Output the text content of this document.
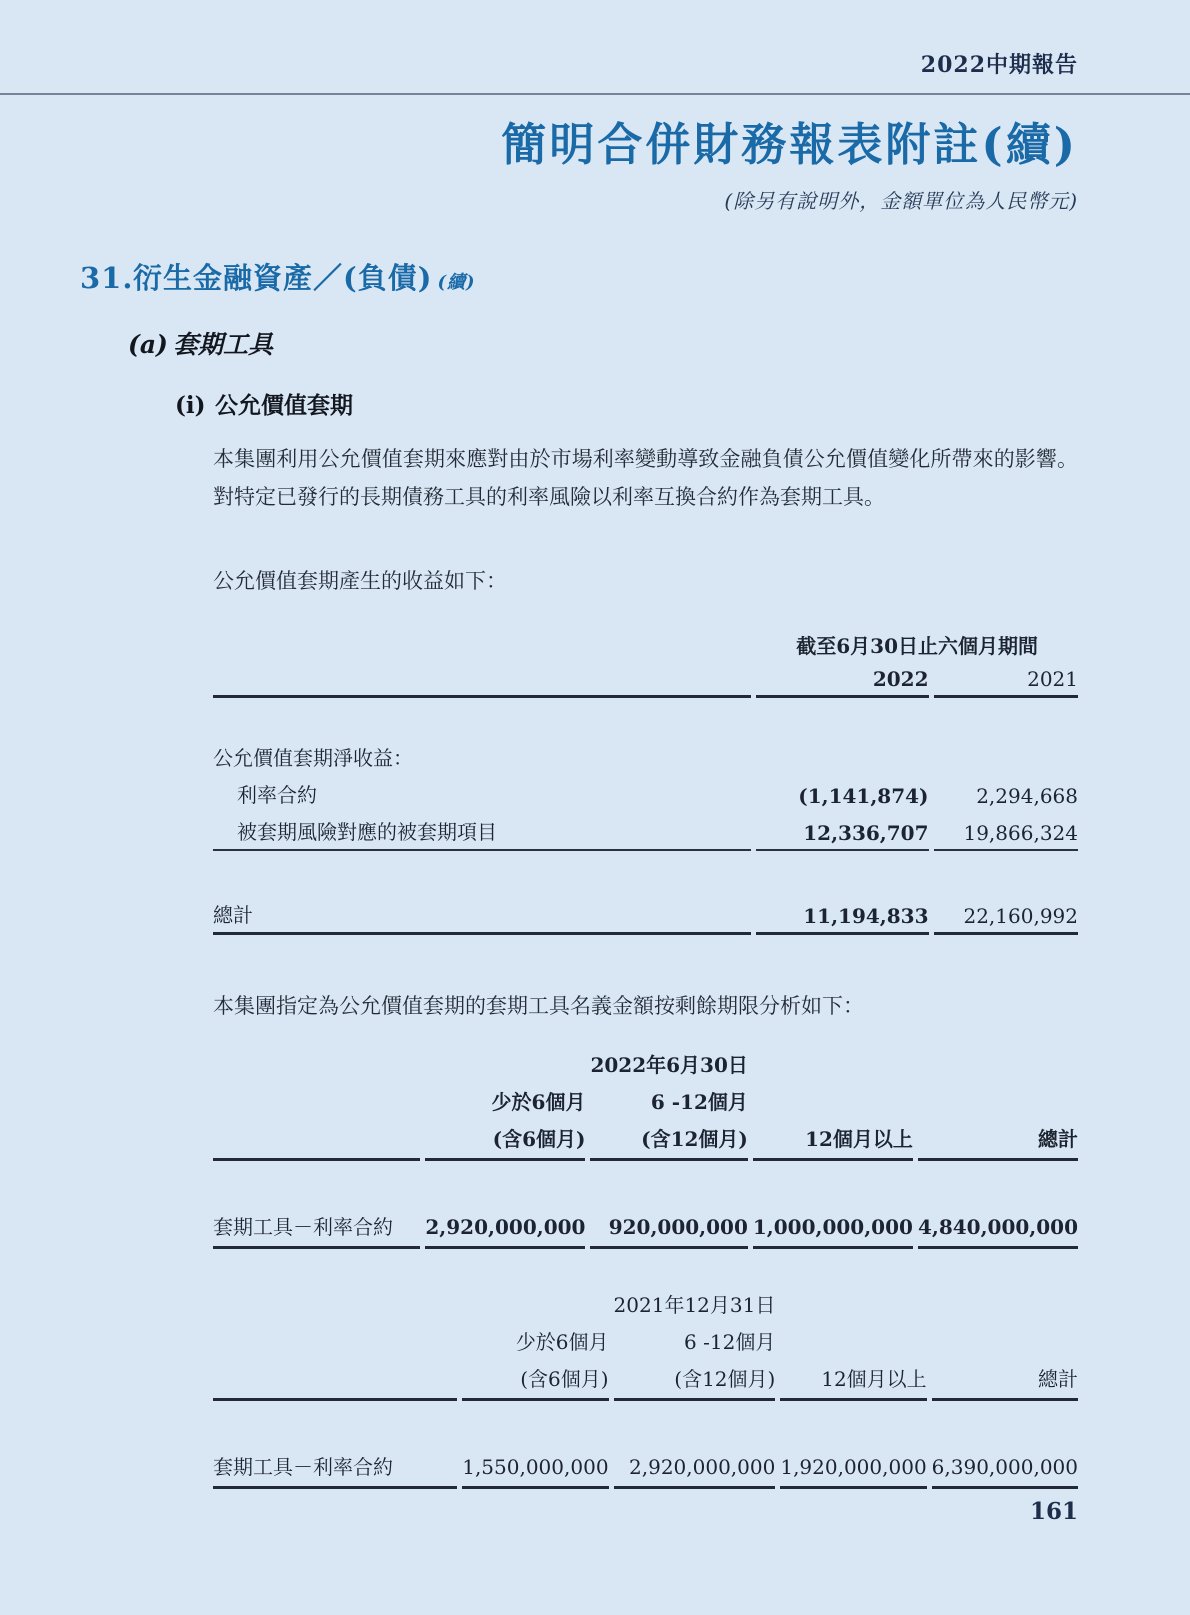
2022中期報告
簡明合併財務報表附註(續)
(除另有說明外，金額單位為人民幣元)
31. 衍生金融資產／(負債) (續)
(a) 套期工具
(i) 公允價值套期

本集團利用公允價值套期來應對由於市場利率變動導致金融負債公允價值變化所帶來的影響。對特定已發行的長期債務工具的利率風險以利率互換合約作為套期工具。

公允價值套期產生的收益如下：

	截至6月30日止六個月期間	
	2022	2021

公允價值套期淨收益：		
利率合約	(1,141,874)	2,294,668
被套期風險對應的被套期項目	12,336,707	19,866,324

總計	11,194,833	22,160,992

本集團指定為公允價值套期的套期工具名義金額按剩餘期限分析如下：

		2022年6月30日		
	少於6個月	6 -12個月		
	(含6個月)	(含12個月)	12個月以上	總計

套期工具－利率合約	2,920,000,000	920,000,000	1,000,000,000	4,840,000,000
		2021年12月31日		
	少於6個月	6 -12個月		
	(含6個月)	(含12個月)	12個月以上	總計

套期工具－利率合約	1,550,000,000	2,920,000,000	1,920,000,000	6,390,000,000
161
